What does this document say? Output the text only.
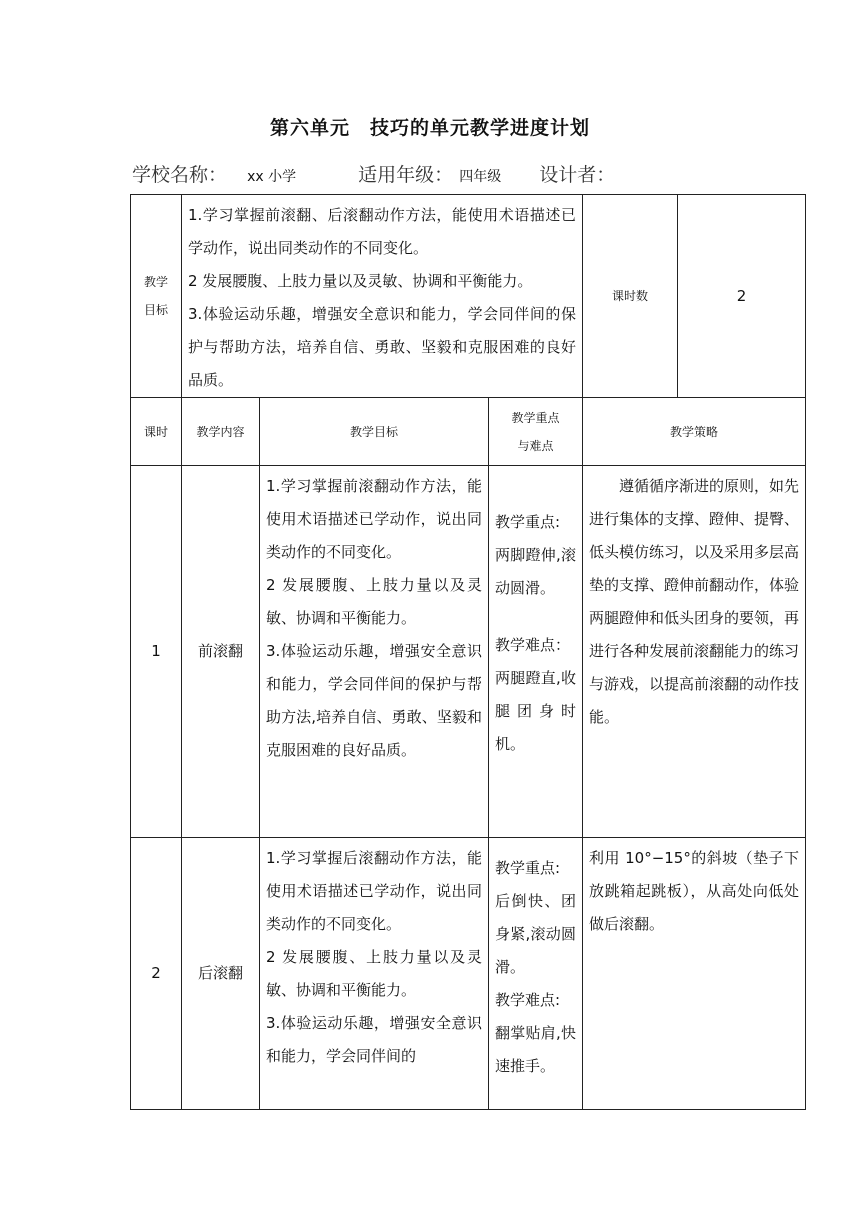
第六单元　技巧的单元教学进度计划
学校名称： xx 小学	适用年级： 四年级 设计者：
教学
目标	1.学习掌握前滚翻、后滚翻动作方法，能使用术语描述已学动作，说出同类动作的不同变化。
2 发展腰腹、上肢力量以及灵敏、协调和平衡能力。
3.体验运动乐趣，增强安全意识和能力，学会同伴间的保护与帮助方法，培养自信、勇敢、坚毅和克服困难的良好品质。			课时数	2
课时	教学内容	教学目标	教学重点
与难点	教学策略	
1	前滚翻	1.学习掌握前滚翻动作方法，能使用术语描述已学动作，说出同类动作的不同变化。
2 发展腰腹、上肢力量以及灵敏、协调和平衡能力。
3.体验运动乐趣，增强安全意识和能力，学会同伴间的保护与帮助方法,培养自信、勇敢、坚毅和克服困难的良好品质。	教学重点:
两脚蹬伸,滚动圆滑。
教学难点：
两腿蹬直,收腿团身时机。	遵循循序渐进的原则，如先进行集体的支撑、蹬伸、提臀、低头模仿练习，以及采用多层高垫的支撑、蹬伸前翻动作，体验两腿蹬伸和低头团身的要领，再进行各种发展前滚翻能力的练习与游戏，以提高前滚翻的动作技能。	

2	后滚翻	1.学习掌握后滚翻动作方法，能使用术语描述已学动作，说出同类动作的不同变化。
2 发展腰腹、上肢力量以及灵敏、协调和平衡能力。
3.体验运动乐趣，增强安全意识和能力，学会同伴间的	教学重点:
后倒快、团身紧,滚动圆滑。
教学难点:
翻掌贴肩,快速推手。	利用 10°−15°的斜坡（垫子下放跳箱起跳板），从高处向低处做后滚翻。	
